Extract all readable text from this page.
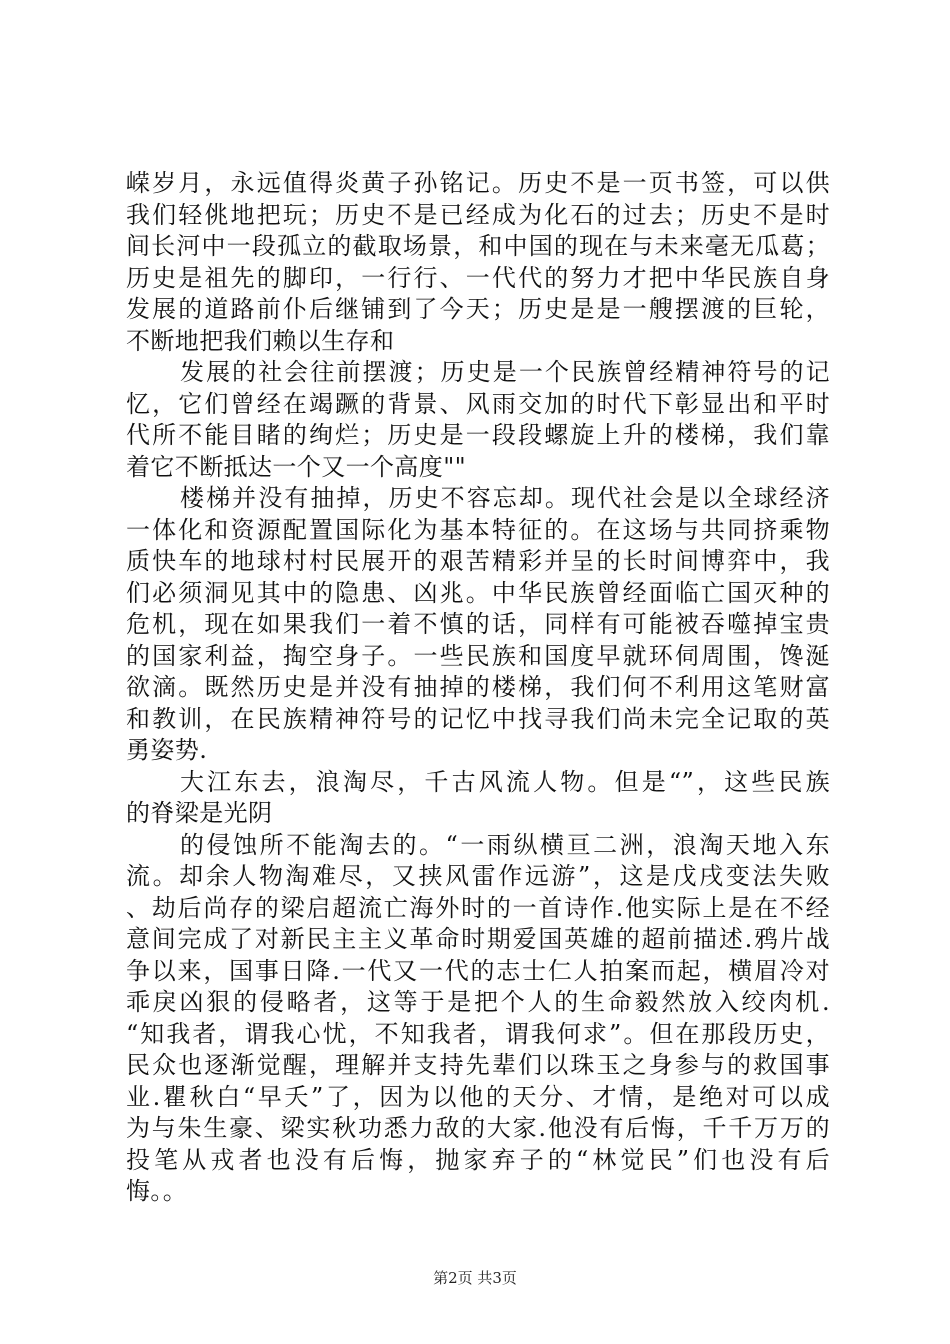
嵘岁月，永远值得炎黄子孙铭记。历史不是一页书签，可以供
我们轻佻地把玩；历史不是已经成为化石的过去；历史不是时
间长河中一段孤立的截取场景，和中国的现在与未来毫无瓜葛；
历史是祖先的脚印，一行行、一代代的努力才把中华民族自身
发展的道路前仆后继铺到了今天；历史是是一艘摆渡的巨轮，
不断地把我们赖以生存和
发展的社会往前摆渡；历史是一个民族曾经精神符号的记
忆，它们曾经在竭蹶的背景、风雨交加的时代下彰显出和平时
代所不能目睹的绚烂；历史是一段段螺旋上升的楼梯，我们靠
着它不断抵达一个又一个高度""
楼梯并没有抽掉，历史不容忘却。现代社会是以全球经济
一体化和资源配置国际化为基本特征的。在这场与共同挤乘物
质快车的地球村村民展开的艰苦精彩并呈的长时间博弈中，我
们必须洞见其中的隐患、凶兆。中华民族曾经面临亡国灭种的
危机，现在如果我们一着不慎的话，同样有可能被吞噬掉宝贵
的国家利益，掏空身子。一些民族和国度早就环伺周围，馋涎
欲滴。既然历史是并没有抽掉的楼梯，我们何不利用这笔财富
和教训，在民族精神符号的记忆中找寻我们尚未完全记取的英
勇姿势.
大江东去，浪淘尽，千古风流人物。但是“”，这些民族
的脊梁是光阴
的侵蚀所不能淘去的。“一雨纵横亘二洲，浪淘天地入东
流。却余人物淘难尽，又挟风雷作远游”，这是戊戌变法失败
、劫后尚存的梁启超流亡海外时的一首诗作.他实际上是在不经
意间完成了对新民主主义革命时期爱国英雄的超前描述.鸦片战
争以来，国事日降.一代又一代的志士仁人拍案而起，横眉冷对
乖戾凶狠的侵略者，这等于是把个人的生命毅然放入绞肉机.
“知我者，谓我心忧，不知我者，谓我何求”。但在那段历史，
民众也逐渐觉醒，理解并支持先辈们以珠玉之身参与的救国事
业.瞿秋白“早夭”了，因为以他的天分、才情，是绝对可以成
为与朱生豪、梁实秋功悉力敌的大家.他没有后悔，千千万万的
投笔从戎者也没有后悔，抛家弃子的“林觉民”们也没有后
悔。。
第2页 共3页
